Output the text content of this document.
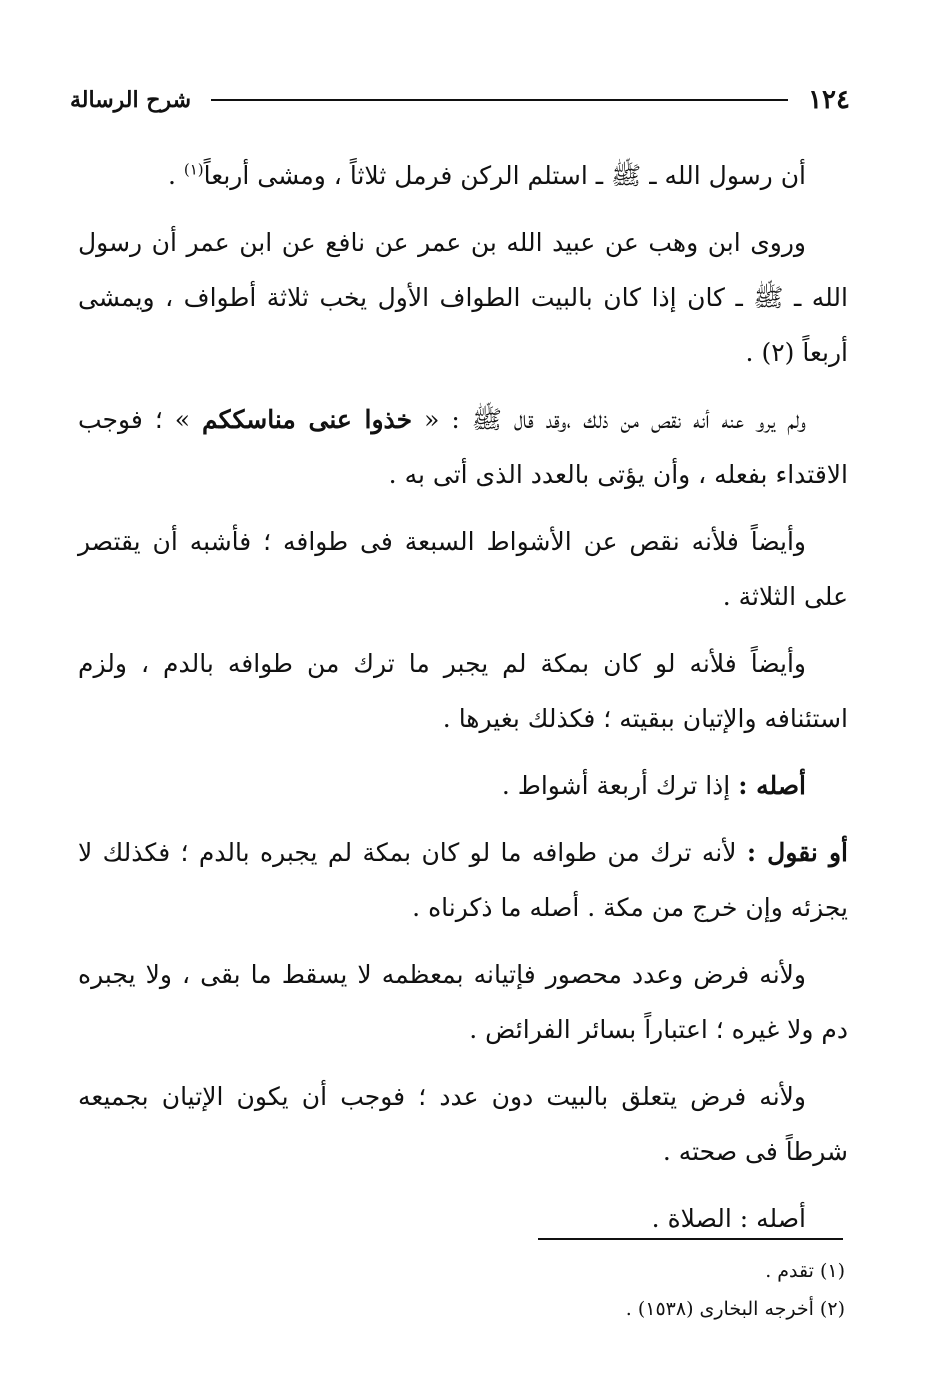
١٢٤
شرح الرسالة

أن رسول الله ـ ﷺ ـ استلم الركن فرمل ثلاثاً ، ومشى أربعاً$^{(١)}$ .

وروى ابن وهب عن عبيد الله بن عمر عن نافع عن ابن عمر أن رسول الله ـ ﷺ ـ كان إذا كان بالبيت الطواف الأول يخب ثلاثة أطواف ، ويمشى أربعاً (٢) .

ولم يرو عنه أنه نقص من ذلك ،وقد قال ﷺ : « خذوا عنى مناسككم » ؛ فوجب الاقتداء بفعله ، وأن يؤتى بالعدد الذى أتى به .

وأيضاً فلأنه نقص عن الأشواط السبعة فى طوافه ؛ فأشبه أن يقتصر على الثلاثة .

وأيضاً فلأنه لو كان بمكة لم يجبر ما ترك من طوافه بالدم ، ولزم استئنافه والإتيان ببقيته ؛ فكذلك بغيرها .

أصله : إذا ترك أربعة أشواط .

أو نقول : لأنه ترك من طوافه ما لو كان بمكة لم يجبره بالدم ؛ فكذلك لا يجزئه وإن خرج من مكة . أصله ما ذكرناه .

ولأنه فرض وعدد محصور فإتيانه بمعظمه لا يسقط ما بقى ، ولا يجبره دم ولا غيره ؛ اعتباراً بسائر الفرائض .

ولأنه فرض يتعلق بالبيت دون عدد ؛ فوجب أن يكون الإتيان بجميعه شرطاً فى صحته .

أصله : الصلاة .

(١) تقدم .

(٢) أخرجه البخارى (١٥٣٨) .
